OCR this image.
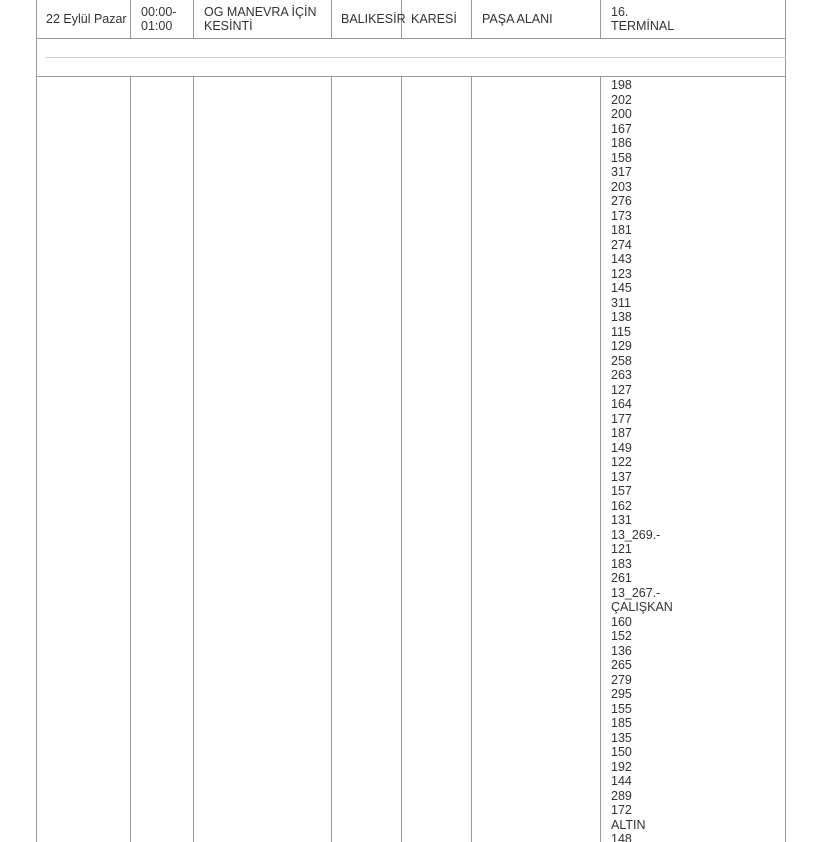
22 Eylül Pazar 00:00-
01:00
OG MANEVRA İÇİN
KESİNTİ	BALIKESİR KARESİ PAŞA ALANI	16.
TERMİNAL
198
202
200
167
186
158
317
203
276
173
181
274
143
123
145
311
138
115
129
258
263
127
164
177
187
149
122
137
157
162
131
13_269.-
121
183
261
13_267.-
ÇALIŞKAN
160
152
136
265
279
295
155
185
135
150
192
144
289
172
ALTIN
148
